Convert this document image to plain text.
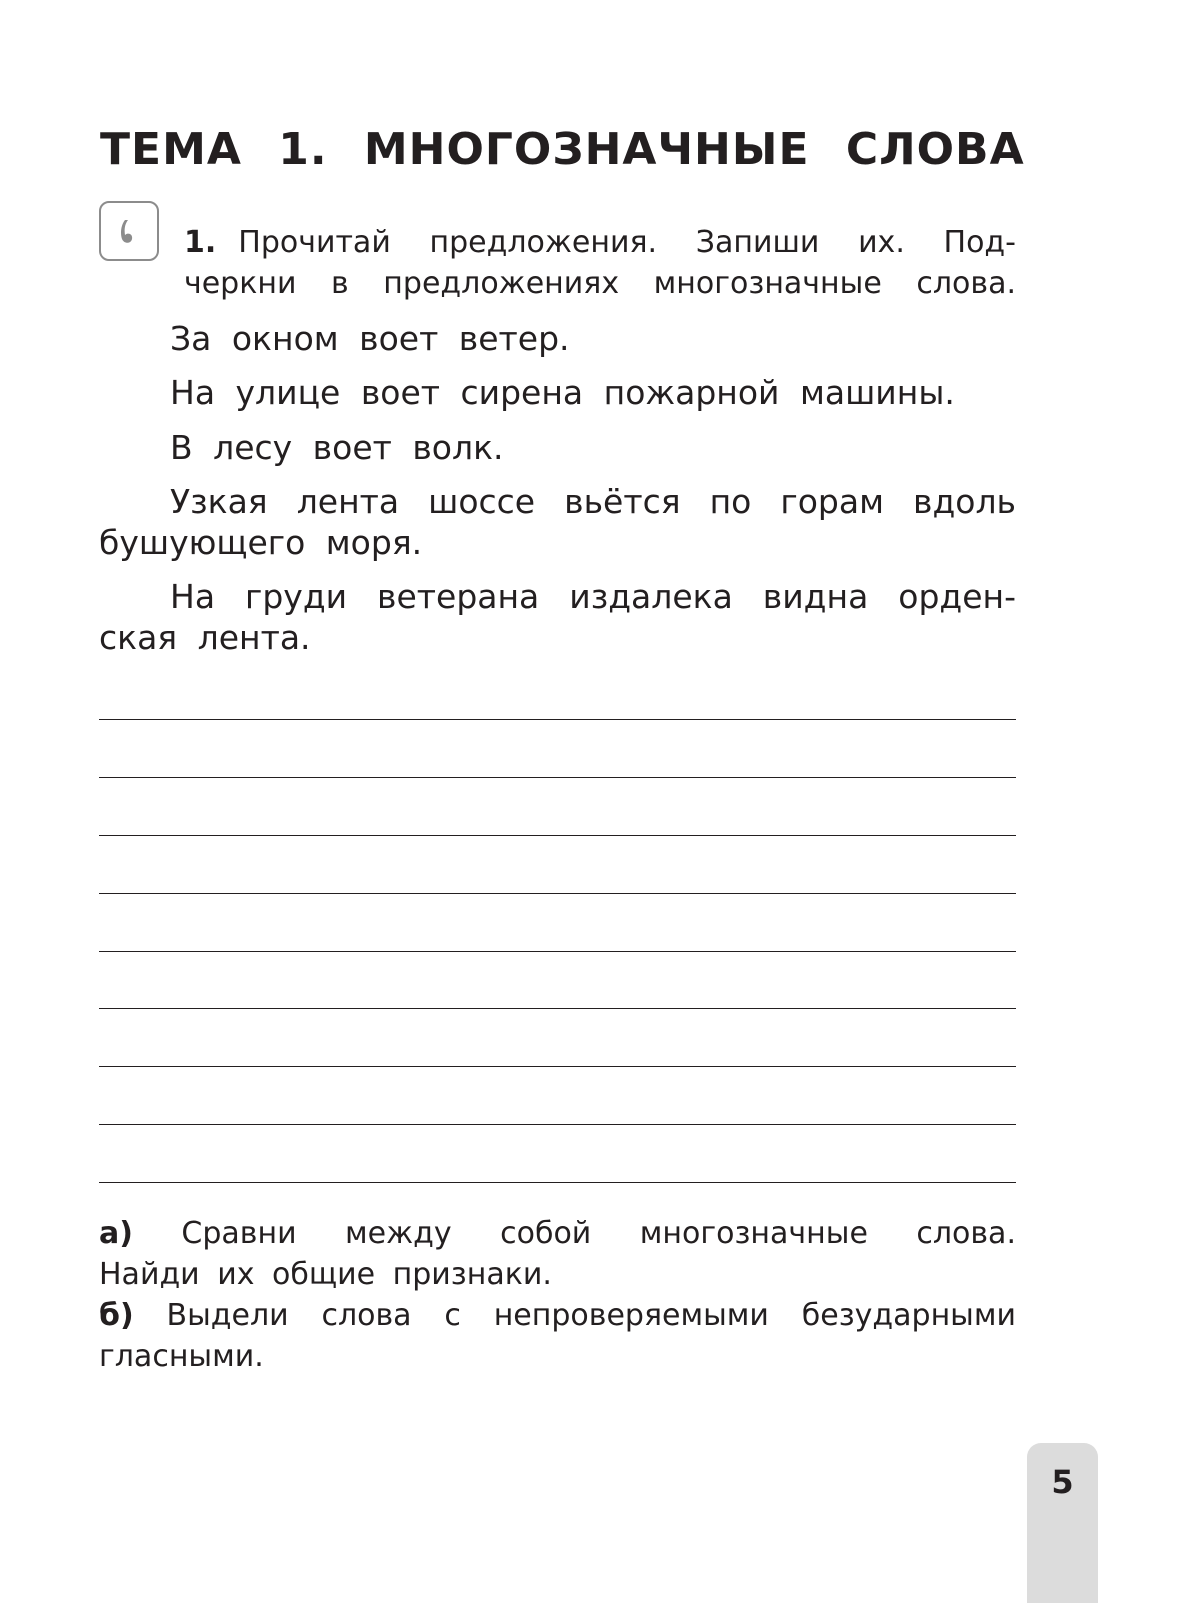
ТЕМА 1. МНОГОЗНАЧНЫЕ СЛОВА
1. Прочитай предложения. Запиши их. Под-
черкни в предложениях многозначные слова.
За окном воет ветер.
На улице воет сирена пожарной машины.
В лесу воет волк.
Узкая лента шоссе вьётся по горам вдоль
бушующего моря.
На груди ветерана издалека видна орден-
ская лента.
а) Сравни между собой многозначные слова.
Найди их общие признаки.
б) Выдели слова с непроверяемыми безударными
гласными.
5
